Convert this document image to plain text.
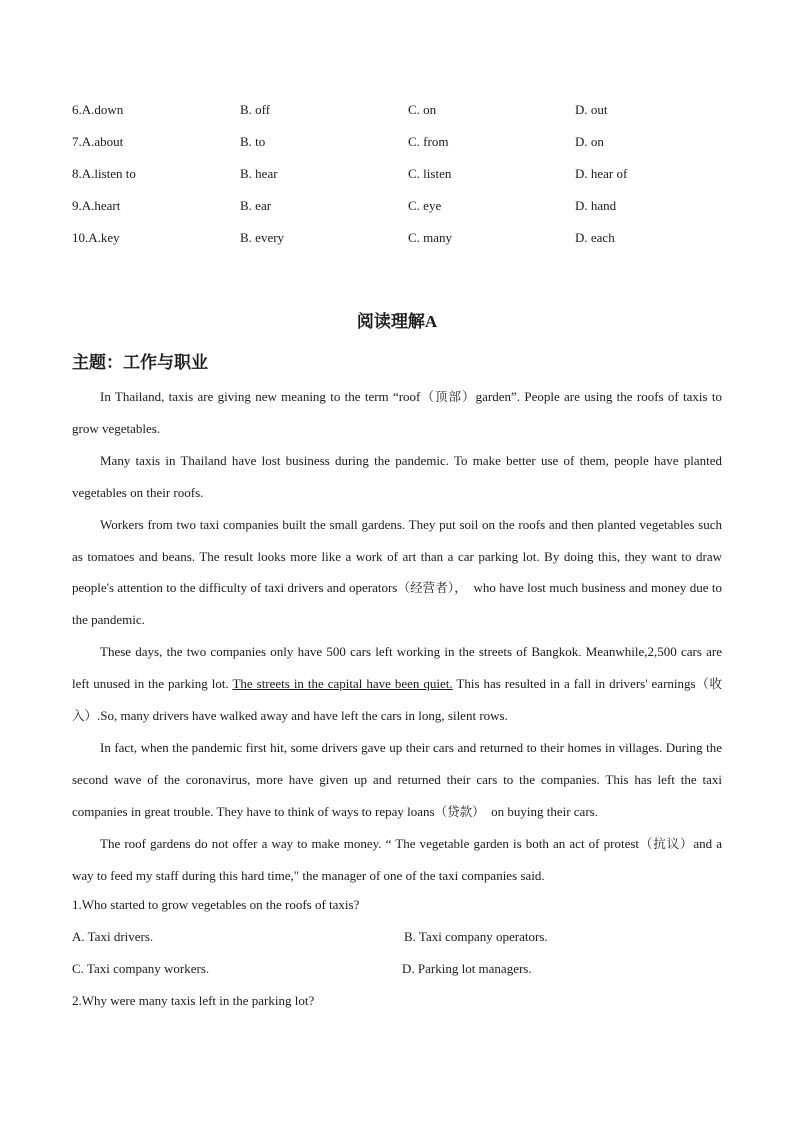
6.A.down	B. off	C. on	D. out
7.A.about	B. to	C. from	D. on
8.A.listen to	B. hear	C. listen	D. hear of
9.A.heart	B. ear	C. eye	D. hand
10.A.key	B. every	C. many	D. each
阅读理解A
主题：工作与职业

In Thailand, taxis are giving new meaning to the term “roof（顶部）garden”. People are using the roofs of taxis to grow vegetables.

Many taxis in Thailand have lost business during the pandemic. To make better use of them, people have planted vegetables on their roofs.

Workers from two taxi companies built the small gardens. They put soil on the roofs and then planted vegetables such as tomatoes and beans. The result looks more like a work of art than a car parking lot. By doing this, they want to draw people's attention to the difficulty of taxi drivers and operators（经营者）， who have lost much business and money due to the pandemic.

These days, the two companies only have 500 cars left working in the streets of Bangkok. Meanwhile,2,500 cars are left unused in the parking lot. The streets in the capital have been quiet. This has resulted in a fall in drivers' earnings（收入）.So, many drivers have walked away and have left the cars in long, silent rows.

In fact, when the pandemic first hit, some drivers gave up their cars and returned to their homes in villages. During the second wave of the coronavirus, more have given up and returned their cars to the companies. This has left the taxi companies in great trouble. They have to think of ways to repay loans（贷款） on buying their cars.

The roof gardens do not offer a way to make money. “ The vegetable garden is both an act of protest（抗议）and a way to feed my staff during this hard time," the manager of one of the taxi companies said.

1.Who started to grow vegetables on the roofs of taxis?
A. Taxi drivers.	B. Taxi company operators.
C. Taxi company workers.	D. Parking lot managers.
2.Why were many taxis left in the parking lot?
